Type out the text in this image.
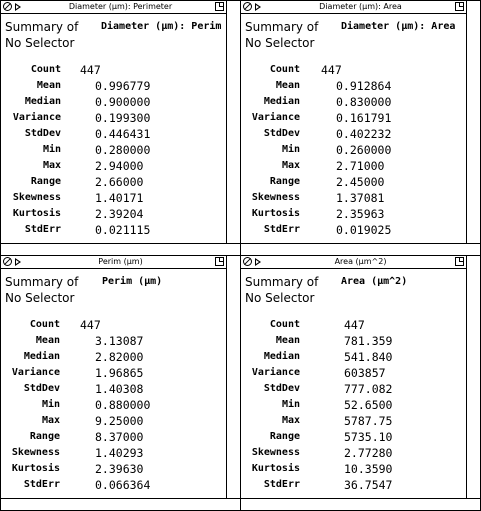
Diameter (µm): Perimeter
Summary of Diameter (µm): Perim
No Selector
Count 447
Mean	0.996779
Median	0.900000
Variance	0.199300
StdDev	0.446431
Min	0.280000
Max	2.94000
Range	2.66000
Skewness	1.40171
Kurtosis	2.39204
StdErr	0.021115
Diameter (µm): Area
Summary of Diameter (µm): Area
No Selector
Count 447
Mean	0.912864
Median	0.830000
Variance	0.161791
StdDev	0.402232
Min	0.260000
Max	2.71000
Range	2.45000
Skewness	1.37081
Kurtosis	2.35963
StdErr	0.019025
Perim (µm)
Summary of Perim (µm)
No Selector
Count 447
Mean	3.13087
Median	2.82000
Variance	1.96865
StdDev	1.40308
Min	0.880000
Max	9.25000
Range	8.37000
Skewness	1.40293
Kurtosis	2.39630
StdErr	0.066364
Area (µm^2)
Summary of Area (µm^2)
No Selector
Count	447
Mean	781.359
Median	541.840
Variance	603857
StdDev	777.082
Min	52.6500
Max	5787.75
Range	5735.10
Skewness	2.77280
Kurtosis	10.3590
StdErr	36.7547
